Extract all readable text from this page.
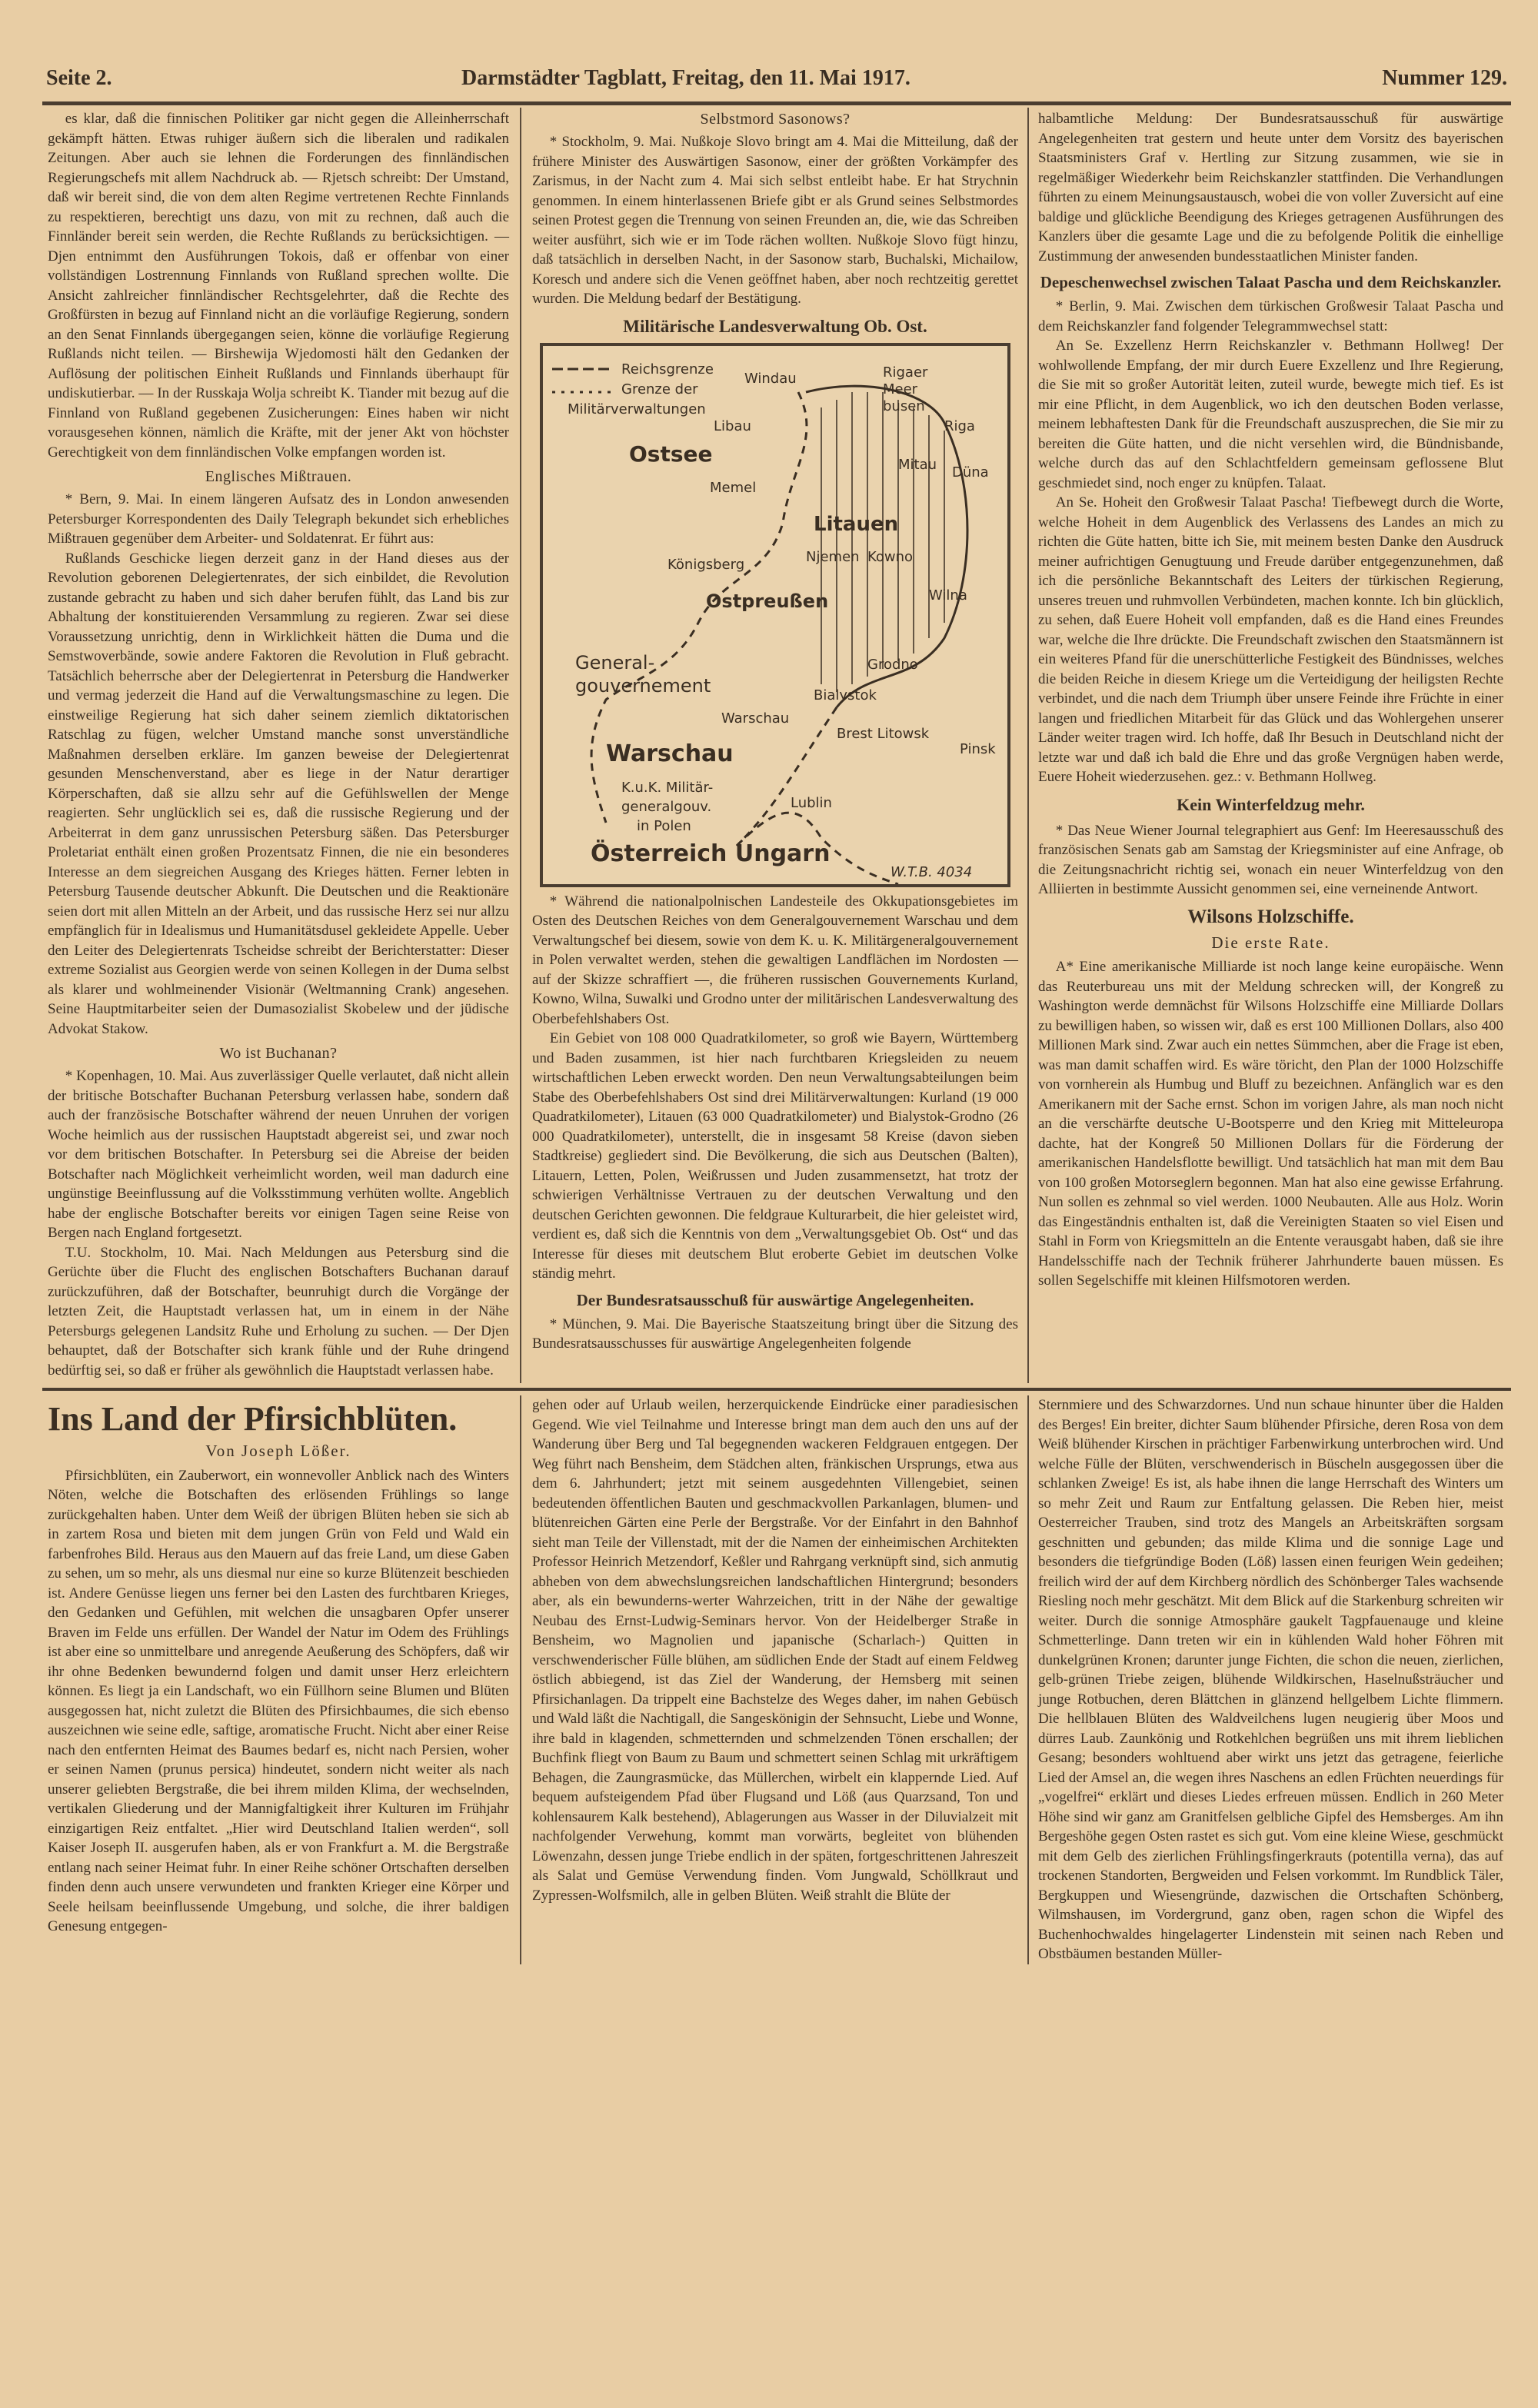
Seite 2.	Darmstädter Tagblatt, Freitag, den 11. Mai 1917.	Nummer 129.

es klar, daß die finnischen Politiker gar nicht gegen die Alleinherrschaft gekämpft hätten. Etwas ruhiger äußern sich die liberalen und radikalen Zeitungen. Aber auch sie lehnen die Forderungen des finnländischen Regierungschefs mit allem Nachdruck ab. — Rjetsch schreibt: Der Umstand, daß wir bereit sind, die von dem alten Regime vertretenen Rechte Finnlands zu respektieren, berechtigt uns dazu, von mit zu rechnen, daß auch die Finnländer bereit sein werden, die Rechte Rußlands zu berücksichtigen. — Djen entnimmt den Ausführungen Tokois, daß er offenbar von einer vollständigen Lostrennung Finnlands von Rußland sprechen wollte. Die Ansicht zahlreicher finnländischer Rechtsgelehrter, daß die Rechte des Großfürsten in bezug auf Finnland nicht an die vorläufige Regierung, sondern an den Senat Finnlands übergegangen seien, könne die vorläufige Regierung Rußlands nicht teilen. — Birshewija Wjedomosti hält den Gedanken der Auflösung der politischen Einheit Rußlands und Finnlands überhaupt für undiskutierbar. — In der Russkaja Wolja schreibt K. Tiander mit bezug auf die Finnland von Rußland gegebenen Zusicherungen: Eines haben wir nicht vorausgesehen können, nämlich die Kräfte, mit der jener Akt von höchster Gerechtigkeit von dem finnländischen Volke empfangen worden ist.

Englisches Mißtrauen.

* Bern, 9. Mai. In einem längeren Aufsatz des in London anwesenden Petersburger Korrespondenten des Daily Telegraph bekundet sich erhebliches Mißtrauen gegenüber dem Arbeiter- und Soldatenrat. Er führt aus:

Rußlands Geschicke liegen derzeit ganz in der Hand dieses aus der Revolution geborenen Delegiertenrates, der sich einbildet, die Revolution zustande gebracht zu haben und sich daher berufen fühlt, das Land bis zur Abhaltung der konstituierenden Versammlung zu regieren. Zwar sei diese Voraussetzung unrichtig, denn in Wirklichkeit hätten die Duma und die Semstwoverbände, sowie andere Faktoren die Revolution in Fluß gebracht. Tatsächlich beherrsche aber der Delegiertenrat in Petersburg die Handwerker und vermag jederzeit die Hand auf die Verwaltungsmaschine zu legen. Die einstweilige Regierung hat sich daher seinem ziemlich diktatorischen Ratschlag zu fügen, welcher Umstand manche sonst unverständliche Maßnahmen derselben erkläre. Im ganzen beweise der Delegiertenrat gesunden Menschenverstand, aber es liege in der Natur derartiger Körperschaften, daß sie allzu sehr auf die Gefühlswellen der Menge reagierten. Sehr unglücklich sei es, daß die russische Regierung und der Arbeiterrat in dem ganz unrussischen Petersburg säßen. Das Petersburger Proletariat enthält einen großen Prozentsatz Finnen, die nie ein besonderes Interesse an dem siegreichen Ausgang des Krieges hätten. Ferner lebten in Petersburg Tausende deutscher Abkunft. Die Deutschen und die Reaktionäre seien dort mit allen Mitteln an der Arbeit, und das russische Herz sei nur allzu empfänglich für in Idealismus und Humanitätsdusel gekleidete Appelle. Ueber den Leiter des Delegiertenrats Tscheidse schreibt der Berichterstatter: Dieser extreme Sozialist aus Georgien werde von seinen Kollegen in der Duma selbst als klarer und wohlmeinender Visionär (Weltmanning Crank) angesehen. Seine Hauptmitarbeiter seien der Dumasozialist Skobelew und der jüdische Advokat Stakow.

Wo ist Buchanan?

* Kopenhagen, 10. Mai. Aus zuverlässiger Quelle verlautet, daß nicht allein der britische Botschafter Buchanan Petersburg verlassen habe, sondern daß auch der französische Botschafter während der neuen Unruhen der vorigen Woche heimlich aus der russischen Hauptstadt abgereist sei, und zwar noch vor dem britischen Botschafter. In Petersburg sei die Abreise der beiden Botschafter nach Möglichkeit verheimlicht worden, weil man dadurch eine ungünstige Beeinflussung auf die Volksstimmung verhüten wollte. Angeblich habe der englische Botschafter bereits vor einigen Tagen seine Reise von Bergen nach England fortgesetzt.

T.U. Stockholm, 10. Mai. Nach Meldungen aus Petersburg sind die Gerüchte über die Flucht des englischen Botschafters Buchanan darauf zurückzuführen, daß der Botschafter, beunruhigt durch die Vorgänge der letzten Zeit, die Hauptstadt verlassen hat, um in einem in der Nähe Petersburgs gelegenen Landsitz Ruhe und Erholung zu suchen. — Der Djen behauptet, daß der Botschafter sich krank fühle und der Ruhe dringend bedürftig sei, so daß er früher als gewöhnlich die Hauptstadt verlassen habe.

Selbstmord Sasonows?

* Stockholm, 9. Mai. Nußkoje Slovo bringt am 4. Mai die Mitteilung, daß der frühere Minister des Auswärtigen Sasonow, einer der größten Vorkämpfer des Zarismus, in der Nacht zum 4. Mai sich selbst entleibt habe. Er hat Strychnin genommen. In einem hinterlassenen Briefe gibt er als Grund seines Selbstmordes seinen Protest gegen die Trennung von seinen Freunden an, die, wie das Schreiben weiter ausführt, sich wie er im Tode rächen wollten. Nußkoje Slovo fügt hinzu, daß tatsächlich in derselben Nacht, in der Sasonow starb, Buchalski, Michailow, Koresch und andere sich die Venen geöffnet haben, aber noch rechtzeitig gerettet wurden. Die Meldung bedarf der Bestätigung.

Militärische Landesverwaltung Ob. Ost.
Reichsgrenze
Grenze der
Militärverwaltungen
Windau
Libau
Rigaer
Meer
busen
Riga
Ostsee
Memel
Mitau Düna
Litauen
Kowno
Königsberg	Njemen
Wilna
Ostpreußen
Grodno
Bialystok
General-
gouvernement
Warschau
Warschau
Brest Litowsk
Pinsk
K.u.K. Militär-
generalgouv.
in Polen
Lublin
Österreich Ungarn
W.T.B. 4034

* Während die nationalpolnischen Landesteile des Okkupationsgebietes im Osten des Deutschen Reiches von dem Generalgouvernement Warschau und dem Verwaltungschef bei diesem, sowie von dem K. u. K. Militärgeneralgouvernement in Polen verwaltet werden, stehen die gewaltigen Landflächen im Nordosten — auf der Skizze schraffiert —, die früheren russischen Gouvernements Kurland, Kowno, Wilna, Suwalki und Grodno unter der militärischen Landesverwaltung des Oberbefehlshabers Ost.

Ein Gebiet von 108 000 Quadratkilometer, so groß wie Bayern, Württemberg und Baden zusammen, ist hier nach furchtbaren Kriegsleiden zu neuem wirtschaftlichen Leben erweckt worden. Den neun Verwaltungsabteilungen beim Stabe des Oberbefehlshabers Ost sind drei Militärverwaltungen: Kurland (19 000 Quadratkilometer), Litauen (63 000 Quadratkilometer) und Bialystok-Grodno (26 000 Quadratkilometer), unterstellt, die in insgesamt 58 Kreise (davon sieben Stadtkreise) gegliedert sind. Die Bevölkerung, die sich aus Deutschen (Balten), Litauern, Letten, Polen, Weißrussen und Juden zusammensetzt, hat trotz der schwierigen Verhältnisse Vertrauen zu der deutschen Verwaltung und den deutschen Gerichten gewonnen. Die feldgraue Kulturarbeit, die hier geleistet wird, verdient es, daß sich die Kenntnis von dem „Verwaltungsgebiet Ob. Ost“ und das Interesse für dieses mit deutschem Blut eroberte Gebiet im deutschen Volke ständig mehrt.

Der Bundesratsausschuß für auswärtige Angelegenheiten.

* München, 9. Mai. Die Bayerische Staatszeitung bringt über die Sitzung des Bundesratsausschusses für auswärtige Angelegenheiten folgende

halbamtliche Meldung: Der Bundesratsausschuß für auswärtige Angelegenheiten trat gestern und heute unter dem Vorsitz des bayerischen Staatsministers Graf v. Hertling zur Sitzung zusammen, wie sie in regelmäßiger Wiederkehr beim Reichskanzler stattfinden. Die Verhandlungen führten zu einem Meinungsaustausch, wobei die von voller Zuversicht auf eine baldige und glückliche Beendigung des Krieges getragenen Ausführungen des Kanzlers über die gesamte Lage und die zu befolgende Politik die einhellige Zustimmung der anwesenden bundesstaatlichen Minister fanden.

Depeschenwechsel zwischen Talaat Pascha und dem Reichskanzler.

* Berlin, 9. Mai. Zwischen dem türkischen Großwesir Talaat Pascha und dem Reichskanzler fand folgender Telegrammwechsel statt:

An Se. Exzellenz Herrn Reichskanzler v. Bethmann Hollweg! Der wohlwollende Empfang, der mir durch Euere Exzellenz und Ihre Regierung, die Sie mit so großer Autorität leiten, zuteil wurde, bewegte mich tief. Es ist mir eine Pflicht, in dem Augenblick, wo ich den deutschen Boden verlasse, meinem lebhaftesten Dank für die Freundschaft auszusprechen, die Sie mir zu bereiten die Güte hatten, und die nicht versehlen wird, die Bündnisbande, welche durch das auf den Schlachtfeldern gemeinsam geflossene Blut geschmiedet sind, noch enger zu knüpfen. Talaat.

An Se. Hoheit den Großwesir Talaat Pascha! Tiefbewegt durch die Worte, welche Hoheit in dem Augenblick des Verlassens des Landes an mich zu richten die Güte hatten, bitte ich Sie, mit meinem besten Danke den Ausdruck meiner aufrichtigen Genugtuung und Freude darüber entgegenzunehmen, daß ich die persönliche Bekanntschaft des Leiters der türkischen Regierung, unseres treuen und ruhmvollen Verbündeten, machen konnte. Ich bin glücklich, zu sehen, daß Euere Hoheit voll empfanden, daß es die Hand eines Freundes war, welche die Ihre drückte. Die Freundschaft zwischen den Staatsmännern ist ein weiteres Pfand für die unerschütterliche Festigkeit des Bündnisses, welches die beiden Reiche in diesem Kriege um die Verteidigung der heiligsten Rechte verbindet, und die nach dem Triumph über unsere Feinde ihre Früchte in einer langen und friedlichen Mitarbeit für das Glück und das Wohlergehen unserer Länder weiter tragen wird. Ich hoffe, daß Ihr Besuch in Deutschland nicht der letzte war und daß ich bald die Ehre und das große Vergnügen haben werde, Euere Hoheit wiederzusehen. gez.: v. Bethmann Hollweg.

Kein Winterfeldzug mehr.

* Das Neue Wiener Journal telegraphiert aus Genf: Im Heeresausschuß des französischen Senats gab am Samstag der Kriegsminister auf eine Anfrage, ob die Zeitungsnachricht richtig sei, wonach ein neuer Winterfeldzug von den Alliierten in bestimmte Aussicht genommen sei, eine verneinende Antwort.

Wilsons Holzschiffe.
Die erste Rate.

A* Eine amerikanische Milliarde ist noch lange keine europäische. Wenn das Reuterbureau uns mit der Meldung schrecken will, der Kongreß zu Washington werde demnächst für Wilsons Holzschiffe eine Milliarde Dollars zu bewilligen haben, so wissen wir, daß es erst 100 Millionen Dollars, also 400 Millionen Mark sind. Zwar auch ein nettes Sümmchen, aber die Frage ist eben, was man damit schaffen wird. Es wäre töricht, den Plan der 1000 Holzschiffe von vornherein als Humbug und Bluff zu bezeichnen. Anfänglich war es den Amerikanern mit der Sache ernst. Schon im vorigen Jahre, als man noch nicht an die verschärfte deutsche U-Bootsperre und den Krieg mit Mitteleuropa dachte, hat der Kongreß 50 Millionen Dollars für die Förderung der amerikanischen Handelsflotte bewilligt. Und tatsächlich hat man mit dem Bau von 100 großen Motorseglern begonnen. Man hat also eine gewisse Erfahrung. Nun sollen es zehnmal so viel werden. 1000 Neubauten. Alle aus Holz. Worin das Eingeständnis enthalten ist, daß die Vereinigten Staaten so viel Eisen und Stahl in Form von Kriegsmitteln an die Entente verausgabt haben, daß sie ihre Handelsschiffe nach der Technik früherer Jahrhunderte bauen müssen. Es sollen Segelschiffe mit kleinen Hilfsmotoren werden.

Ins Land der Pfirsichblüten.
Von Joseph Lößer.

Pfirsichblüten, ein Zauberwort, ein wonnevoller Anblick nach des Winters Nöten, welche die Botschaften des erlösenden Frühlings so lange zurückgehalten haben. Unter dem Weiß der übrigen Blüten heben sie sich ab in zartem Rosa und bieten mit dem jungen Grün von Feld und Wald ein farbenfrohes Bild. Heraus aus den Mauern auf das freie Land, um diese Gaben zu sehen, um so mehr, als uns diesmal nur eine so kurze Blütenzeit beschieden ist. Andere Genüsse liegen uns ferner bei den Lasten des furchtbaren Krieges, den Gedanken und Gefühlen, mit welchen die unsagbaren Opfer unserer Braven im Felde uns erfüllen. Der Wandel der Natur im Odem des Frühlings ist aber eine so unmittelbare und anregende Aeußerung des Schöpfers, daß wir ihr ohne Bedenken bewundernd folgen und damit unser Herz erleichtern können. Es liegt ja ein Landschaft, wo ein Füllhorn seine Blumen und Blüten ausgegossen hat, nicht zuletzt die Blüten des Pfirsichbaumes, die sich ebenso auszeichnen wie seine edle, saftige, aromatische Frucht. Nicht aber einer Reise nach den entfernten Heimat des Baumes bedarf es, nicht nach Persien, woher er seinen Namen (prunus persica) hindeutet, sondern nicht weiter als nach unserer geliebten Bergstraße, die bei ihrem milden Klima, der wechselnden, vertikalen Gliederung und der Mannigfaltigkeit ihrer Kulturen im Frühjahr einzigartigen Reiz entfaltet. „Hier wird Deutschland Italien werden“, soll Kaiser Joseph II. ausgerufen haben, als er von Frankfurt a. M. die Bergstraße entlang nach seiner Heimat fuhr. In einer Reihe schöner Ortschaften derselben finden denn auch unsere verwundeten und frankten Krieger eine Körper und Seele heilsam beeinflussende Umgebung, und solche, die ihrer baldigen Genesung entgegen-

gehen oder auf Urlaub weilen, herzerquickende Eindrücke einer paradiesischen Gegend. Wie viel Teilnahme und Interesse bringt man dem auch den uns auf der Wanderung über Berg und Tal begegnenden wackeren Feldgrauen entgegen. Der Weg führt nach Bensheim, dem Städchen alten, fränkischen Ursprungs, etwa aus dem 6. Jahrhundert; jetzt mit seinem ausgedehnten Villengebiet, seinen bedeutenden öffentlichen Bauten und geschmackvollen Parkanlagen, blumen- und blütenreichen Gärten eine Perle der Bergstraße. Vor der Einfahrt in den Bahnhof sieht man Teile der Villenstadt, mit der die Namen der einheimischen Architekten Professor Heinrich Metzendorf, Keßler und Rahrgang verknüpft sind, sich anmutig abheben von dem abwechslungsreichen landschaftlichen Hintergrund; besonders aber, als ein bewunderns-werter Wahrzeichen, tritt in der Nähe der gewaltige Neubau des Ernst-Ludwig-Seminars hervor. Von der Heidelberger Straße in Bensheim, wo Magnolien und japanische (Scharlach-) Quitten in verschwenderischer Fülle blühen, am südlichen Ende der Stadt auf einem Feldweg östlich abbiegend, ist das Ziel der Wanderung, der Hemsberg mit seinen Pfirsichanlagen. Da trippelt eine Bachstelze des Weges daher, im nahen Gebüsch und Wald läßt die Nachtigall, die Sangeskönigin der Sehnsucht, Liebe und Wonne, ihre bald in klagenden, schmetternden und schmelzenden Tönen erschallen; der Buchfink fliegt von Baum zu Baum und schmettert seinen Schlag mit urkräftigem Behagen, die Zaungrasmücke, das Müllerchen, wirbelt ein klappernde Lied. Auf bequem aufsteigendem Pfad über Flugsand und Löß (aus Quarzsand, Ton und kohlensaurem Kalk bestehend), Ablagerungen aus Wasser in der Diluvialzeit mit nachfolgender Verwehung, kommt man vorwärts, begleitet von blühenden Löwenzahn, dessen junge Triebe endlich in der späten, fortgeschrittenen Jahreszeit als Salat und Gemüse Verwendung finden. Vom Jungwald, Schöllkraut und Zypressen-Wolfsmilch, alle in gelben Blüten. Weiß strahlt die Blüte der

Sternmiere und des Schwarzdornes. Und nun schaue hinunter über die Halden des Berges! Ein breiter, dichter Saum blühender Pfirsiche, deren Rosa von dem Weiß blühender Kirschen in prächtiger Farbenwirkung unterbrochen wird. Und welche Fülle der Blüten, verschwenderisch in Büscheln ausgegossen über die schlanken Zweige! Es ist, als habe ihnen die lange Herrschaft des Winters um so mehr Zeit und Raum zur Entfaltung gelassen. Die Reben hier, meist Oesterreicher Trauben, sind trotz des Mangels an Arbeitskräften sorgsam geschnitten und gebunden; das milde Klima und die sonnige Lage und besonders die tiefgründige Boden (Löß) lassen einen feurigen Wein gedeihen; freilich wird der auf dem Kirchberg nördlich des Schönberger Tales wachsende Riesling noch mehr geschätzt. Mit dem Blick auf die Starkenburg schreiten wir weiter. Durch die sonnige Atmosphäre gaukelt Tagpfauenauge und kleine Schmetterlinge. Dann treten wir ein in kühlenden Wald hoher Föhren mit dunkelgrünen Kronen; darunter junge Fichten, die schon die neuen, zierlichen, gelb-grünen Triebe zeigen, blühende Wildkirschen, Haselnußsträucher und junge Rotbuchen, deren Blättchen in glänzend hellgelbem Lichte flimmern. Die hellblauen Blüten des Waldveilchens lugen neugierig über Moos und dürres Laub. Zaunkönig und Rotkehlchen begrüßen uns mit ihrem lieblichen Gesang; besonders wohltuend aber wirkt uns jetzt das getragene, feierliche Lied der Amsel an, die wegen ihres Naschens an edlen Früchten neuerdings für „vogelfrei“ erklärt und dieses Liedes erfreuen müssen. Endlich in 260 Meter Höhe sind wir ganz am Granitfelsen gelbliche Gipfel des Hemsberges. Am ihn Bergeshöhe gegen Osten rastet es sich gut. Vom eine kleine Wiese, geschmückt mit dem Gelb des zierlichen Frühlingsfingerkrauts (potentilla verna), das auf trockenen Standorten, Bergweiden und Felsen vorkommt. Im Rundblick Täler, Bergkuppen und Wiesengründe, dazwischen die Ortschaften Schönberg, Wilmshausen, im Vordergrund, ganz oben, ragen schon die Wipfel des Buchenhochwaldes hingelagerter Lindenstein mit seinen nach Reben und Obstbäumen bestanden Müller-
